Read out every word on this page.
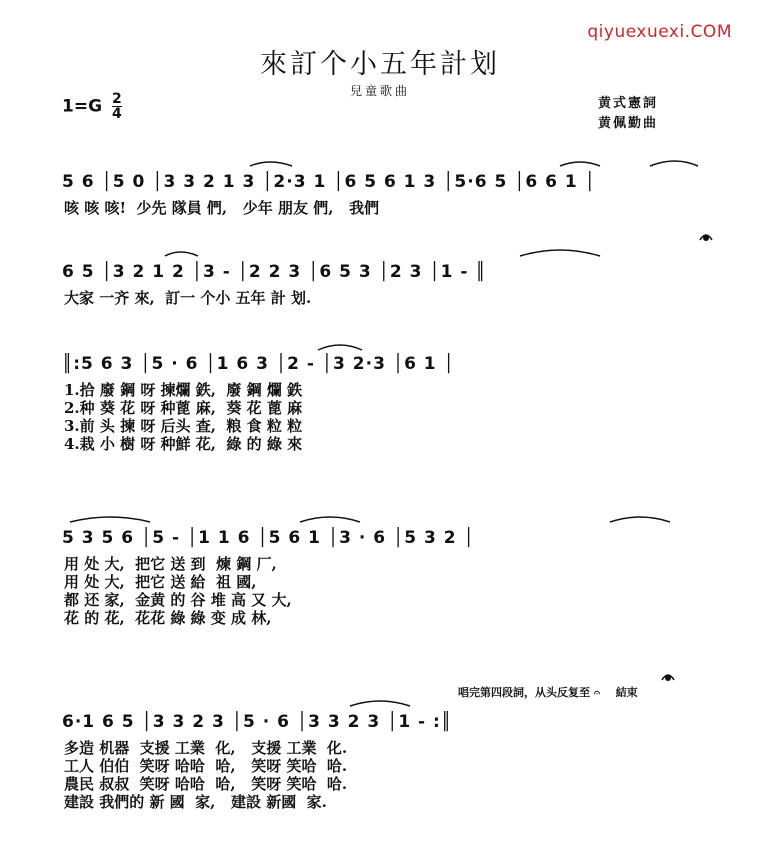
qiyuexuexi.COM
來訂个小五年計划
兒童歌曲
$1=G \frac{2}{4}$	黄式憲詞
黄佩勤曲
5 6 │5 0 │3 3 2 1 3 │2·3 1 │6 5 6 1 3 │5·6 5 │6 6 1 │
咳 咳 咳!  少先 隊員 們,   少年 朋友 們,   我們
6 5 │3 2 1 2 │3 - │2 2 3 │6 5 3 │2 3 │1 - ║
大家 一齐 來,  訂一 个小 五年 計 划.
║:5 6 3 │5 · 6 │1 6 3 │2 - │3 2·3 │6 1 │
1.拾 廢 鋼 呀 揀爛 鉄,  廢 鋼 爛 鉄
2.种 葵 花 呀 种蓖 麻,  葵 花 蓖 麻
3.前 头 揀 呀 后头 查,  粮 食 粒 粒
4.栽 小 樹 呀 种鮮 花,  綠 的 綠 來
5 3 5 6 │5 - │1 1 6 │5 6 1 │3 · 6 │5 3 2 │
用 处 大,  把它 送 到  煉 鋼 厂,
用 处 大,  把它 送 給  祖 國,
都 还 家,  金黄 的 谷 堆 高 又 大,
花 的 花,  花花 綠 綠 变 成 林,
唱完第四段詞，从头反复至 𝄐 結束
6·1 6 5 │3 3 2 3 │5 · 6 │3 3 2 3 │1 - :║
多造 机器  支援 工業  化,   支援 工業  化.
工人 伯伯  笑呀 哈哈  哈,   笑呀 笑哈  哈.
農民 叔叔  笑呀 哈哈  哈,   笑呀 笑哈  哈.
建設 我們的 新 國  家,   建設 新國  家.
